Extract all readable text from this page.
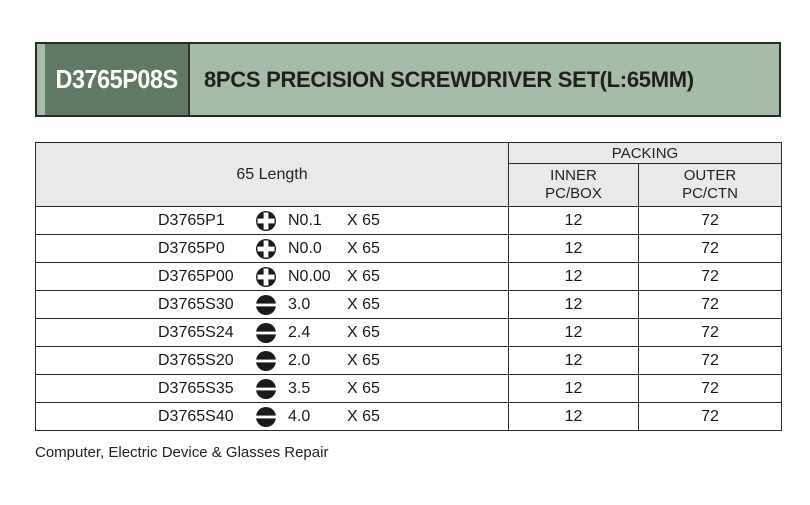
D3765P08S	8PCS PRECISION SCREWDRIVER SET(L:65MM)
65 Length	PACKING	
	INNER PC/BOX	OUTER PC/CTN

D3765P1 N0.1 X 65	12	72

D3765P0 N0.0 X 65	12	72

D3765P00 N0.00 X 65	12	72

D3765S30 3.0 X 65	12	72

D3765S24 2.4 X 65	12	72

D3765S20 2.0 X 65	12	72

D3765S35 3.5 X 65	12	72

D3765S40 4.0 X 65	12	72
Computer, Electric Device & Glasses Repair
